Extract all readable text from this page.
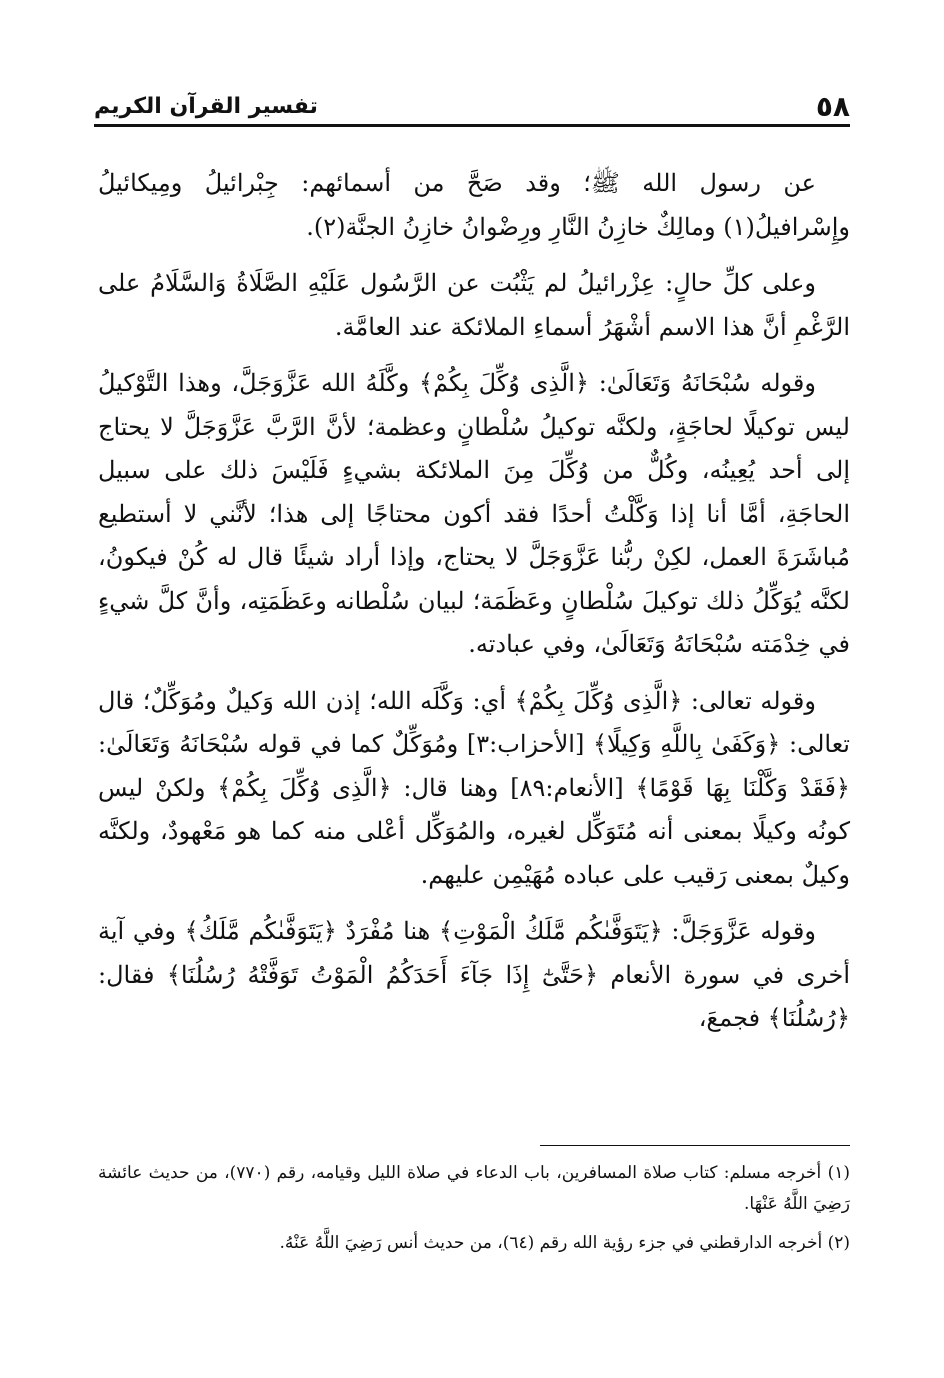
٥٨
تفسير القرآن الكريم

عن رسول الله ﷺ؛ وقد صَحَّ من أسمائهم: جِبْرائيلُ ومِيكائيلُ وإِسْرافيلُ(١) ومالِكٌ خازِنُ النَّارِ ورِضْوانُ خازِنُ الجنَّة(٢).

وعلى كلِّ حالٍ: عِزْرائيلُ لم يَثْبُت عن الرَّسُول عَلَيْهِ الصَّلَاةُ وَالسَّلَامُ على الرَّغْمِ أنَّ هذا الاسم أشْهَرُ أسماءِ الملائكة عند العامَّة.

وقوله سُبْحَانَهُ وَتَعَالَىٰ: ﴿الَّذِى وُكِّلَ بِكُمْ﴾ وكَّلَهُ الله عَزَّوَجَلَّ، وهذا التَّوْكيلُ ليس توكيلًا لحاجَةٍ، ولكنَّه توكيلُ سُلْطانٍ وعظمة؛ لأنَّ الرَّبَّ عَزَّوَجَلَّ لا يحتاج إلى أحد يُعِينُه، وكُلٌّ من وُكِّلَ مِنَ الملائكة بشيءٍ فَلَيْسَ ذلك على سبيل الحاجَةِ، أمَّا أنا إذا وَكَّلْتُ أحدًا فقد أكون محتاجًا إلى هذا؛ لأنَّني لا أستطيع مُباشَرَةَ العمل، لكِنْ ربُّنا عَزَّوَجَلَّ لا يحتاج، وإذا أراد شيئًا قال له كُنْ فيكونُ، لكنَّه يُوَكِّلُ ذلك توكيلَ سُلْطانٍ وعَظَمَة؛ لبيان سُلْطانه وعَظَمَتِه، وأنَّ كلَّ شيءٍ في خِدْمَته سُبْحَانَهُ وَتَعَالَىٰ، وفي عبادته.

وقوله تعالى: ﴿الَّذِى وُكِّلَ بِكُمْ﴾ أي: وَكَّلَه الله؛ إذن الله وَكيلٌ ومُوَكِّلٌ؛ قال تعالى: ﴿وَكَفَىٰ بِاللَّهِ وَكِيلًا﴾ [الأحزاب:٣] ومُوَكِّلٌ كما في قوله سُبْحَانَهُ وَتَعَالَىٰ: ﴿فَقَدْ وَكَّلْنَا بِهَا قَوْمًا﴾ [الأنعام:٨٩] وهنا قال: ﴿الَّذِى وُكِّلَ بِكُمْ﴾ ولكنْ ليس كونُه وكيلًا بمعنى أنه مُتَوَكِّل لغيره، والمُوَكِّل أعْلى منه كما هو مَعْهودٌ، ولكنَّه وكيلٌ بمعنى رَقيب على عباده مُهَيْمِن عليهم.

وقوله عَزَّوَجَلَّ: ﴿يَتَوَفَّىٰكُم مَّلَكُ الْمَوْتِ﴾ هنا مُفْرَدٌ ﴿يَتَوَفَّىٰكُم مَّلَكُ﴾ وفي آية أخرى في سورة الأنعام ﴿حَتَّىٰٓ إِذَا جَآءَ أَحَدَكُمُ الْمَوْتُ تَوَفَّتْهُ رُسُلُنَا﴾ فقال: ﴿رُسُلُنَا﴾ فجمعَ،

(١) أخرجه مسلم: كتاب صلاة المسافرين، باب الدعاء في صلاة الليل وقيامه، رقم (٧٧٠)، من حديث عائشة رَضِيَ اللَّهُ عَنْهَا.

(٢) أخرجه الدارقطني في جزء رؤية الله رقم (٦٤)، من حديث أنس رَضِيَ اللَّهُ عَنْهُ.
